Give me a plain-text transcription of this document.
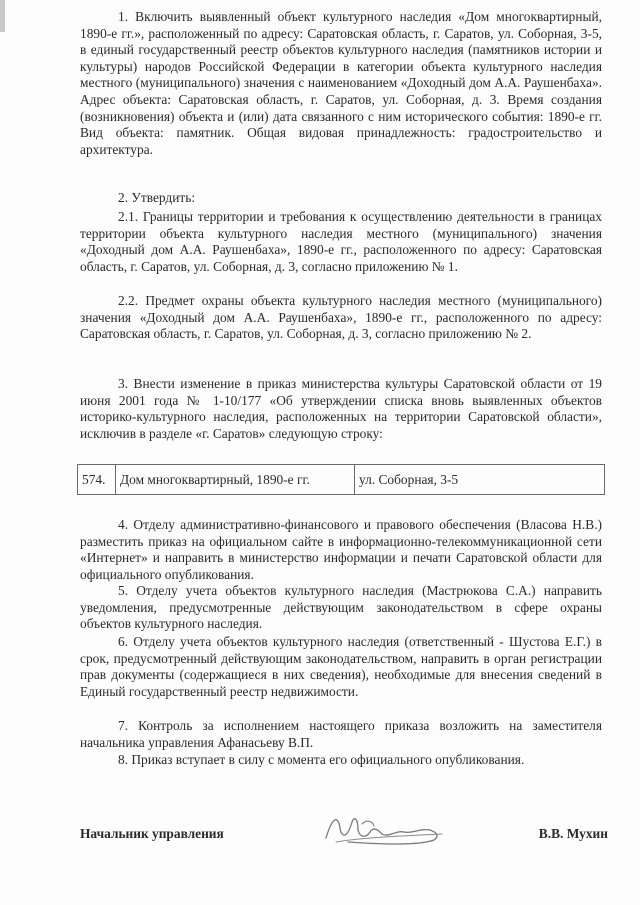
1. Включить выявленный объект культурного наследия «Дом многоквартирный, 1890-е гг.», расположенный по адресу: Саратовская область, г. Саратов, ул. Соборная, 3-5, в единый государственный реестр объектов культурного наследия (памятников истории и культуры) народов Российской Федерации в категории объекта культурного наследия местного (муниципального) значения с наименованием «Доходный дом А.А. Раушенбаха». Адрес объекта: Саратовская область, г. Саратов, ул. Соборная, д. 3. Время создания (возникновения) объекта и (или) дата связанного с ним исторического события: 1890-е гг. Вид объекта: памятник. Общая видовая принадлежность: градостроительство и архитектура.
2. Утвердить:
2.1. Границы территории и требования к осуществлению деятельности в границах территории объекта культурного наследия местного (муниципального) значения «Доходный дом А.А. Раушенбаха», 1890-е гг., расположенного по адресу: Саратовская область, г. Саратов, ул. Соборная, д. 3, согласно приложению № 1.
2.2. Предмет охраны объекта культурного наследия местного (муниципального) значения «Доходный дом А.А. Раушенбаха», 1890-е гг., расположенного по адресу: Саратовская область, г. Саратов, ул. Соборная, д. 3, согласно приложению № 2.
3. Внести изменение в приказ министерства культуры Саратовской области от 19 июня 2001 года № 1-10/177 «Об утверждении списка вновь выявленных объектов историко-культурного наследия, расположенных на территории Саратовской области», исключив в разделе «г. Саратов» следующую строку:
574.	Дом многоквартирный, 1890-е гг.	ул. Соборная, 3-5
4. Отделу административно-финансового и правового обеспечения (Власова Н.В.) разместить приказ на официальном сайте в информационно-телекоммуникационной сети «Интернет» и направить в министерство информации и печати Саратовской области для официального опубликования.
5. Отделу учета объектов культурного наследия (Мастрюкова С.А.) направить уведомления, предусмотренные действующим законодательством в сфере охраны объектов культурного наследия.
6. Отделу учета объектов культурного наследия (ответственный - Шустова Е.Г.) в срок, предусмотренный действующим законодательством, направить в орган регистрации прав документы (содержащиеся в них сведения), необходимые для внесения сведений в Единый государственный реестр недвижимости.
7. Контроль за исполнением настоящего приказа возложить на заместителя начальника управления Афанасьеву В.П.
8. Приказ вступает в силу с момента его официального опубликования.
Начальник управления	В.В. Мухин
